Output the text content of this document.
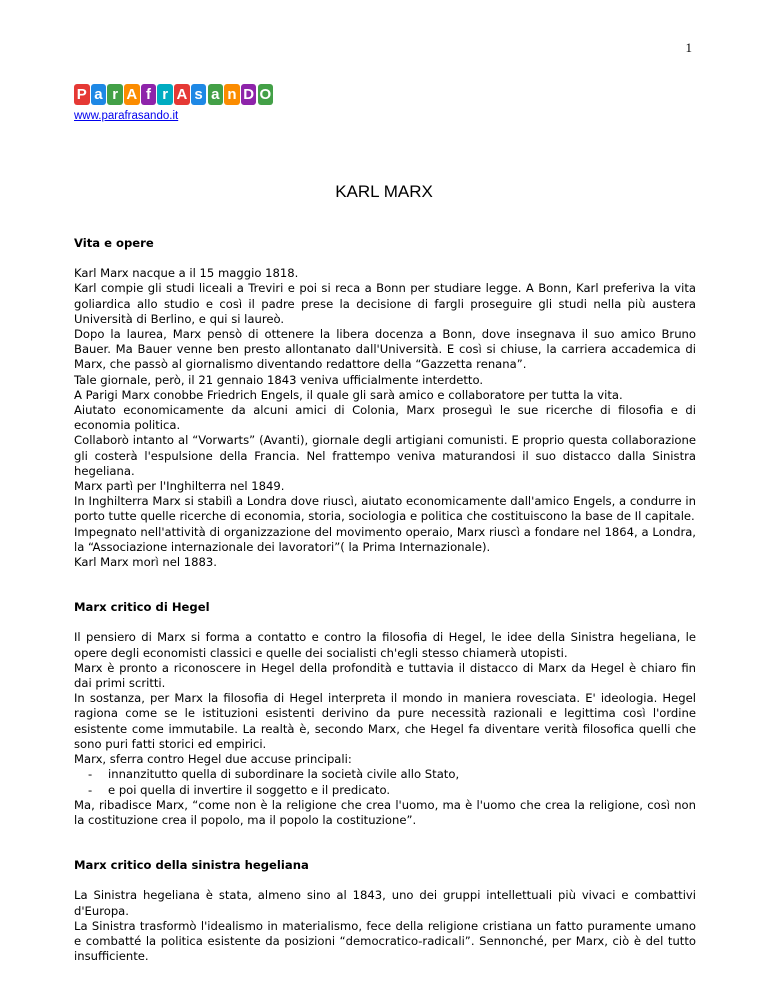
1
P a r A f r A s a n D O
www.parafrasando.it
KARL MARX
Vita e opere

Karl Marx nacque a il 15 maggio 1818.

Karl compie gli studi liceali a Treviri e poi si reca a Bonn per studiare legge. A Bonn, Karl preferiva la vita goliardica allo studio e così il padre prese la decisione di fargli proseguire gli studi nella più austera Università di Berlino, e qui si laureò.

Dopo la laurea, Marx pensò di ottenere la libera docenza a Bonn, dove insegnava il suo amico Bruno Bauer. Ma Bauer venne ben presto allontanato dall'Università. E così si chiuse, la carriera accademica di Marx, che passò al giornalismo diventando redattore della “Gazzetta renana”.

Tale giornale, però, il 21 gennaio 1843 veniva ufficialmente interdetto.

A Parigi Marx conobbe Friedrich Engels, il quale gli sarà amico e collaboratore per tutta la vita.

Aiutato economicamente da alcuni amici di Colonia, Marx proseguì le sue ricerche di filosofia e di economia politica.

Collaborò intanto al “Vorwarts” (Avanti), giornale degli artigiani comunisti. E proprio questa collaborazione gli costerà l'espulsione della Francia. Nel frattempo veniva maturandosi il suo distacco dalla Sinistra hegeliana.

Marx partì per l'Inghilterra nel 1849.

In Inghilterra Marx si stabilì a Londra dove riuscì, aiutato economicamente dall'amico Engels, a condurre in porto tutte quelle ricerche di economia, storia, sociologia e politica che costituiscono la base de Il capitale.

Impegnato nell'attività di organizzazione del movimento operaio, Marx riuscì a fondare nel 1864, a Londra, la “Associazione internazionale dei lavoratori”( la Prima Internazionale).

Karl Marx morì nel 1883.

Marx critico di Hegel

Il pensiero di Marx si forma a contatto e contro la filosofia di Hegel, le idee della Sinistra hegeliana, le opere degli economisti classici e quelle dei socialisti ch'egli stesso chiamerà utopisti.

Marx è pronto a riconoscere in Hegel della profondità e tuttavia il distacco di Marx da Hegel è chiaro fin dai primi scritti.

In sostanza, per Marx la filosofia di Hegel interpreta il mondo in maniera rovesciata. E' ideologia. Hegel ragiona come se le istituzioni esistenti derivino da pure necessità razionali e legittima così l'ordine esistente come immutabile. La realtà è, secondo Marx, che Hegel fa diventare verità filosofica quelli che sono puri fatti storici ed empirici.

Marx, sferra contro Hegel due accuse principali:

- innanzitutto quella di subordinare la società civile allo Stato,
- e poi quella di invertire il soggetto e il predicato.

Ma, ribadisce Marx, “come non è la religione che crea l'uomo, ma è l'uomo che crea la religione, così non la costituzione crea il popolo, ma il popolo la costituzione”.

Marx critico della sinistra hegeliana

La Sinistra hegeliana è stata, almeno sino al 1843, uno dei gruppi intellettuali più vivaci e combattivi d'Europa.

La Sinistra trasformò l'idealismo in materialismo, fece della religione cristiana un fatto puramente umano e combatté la politica esistente da posizioni “democratico-radicali”. Sennonché, per Marx, ciò è del tutto insufficiente.
